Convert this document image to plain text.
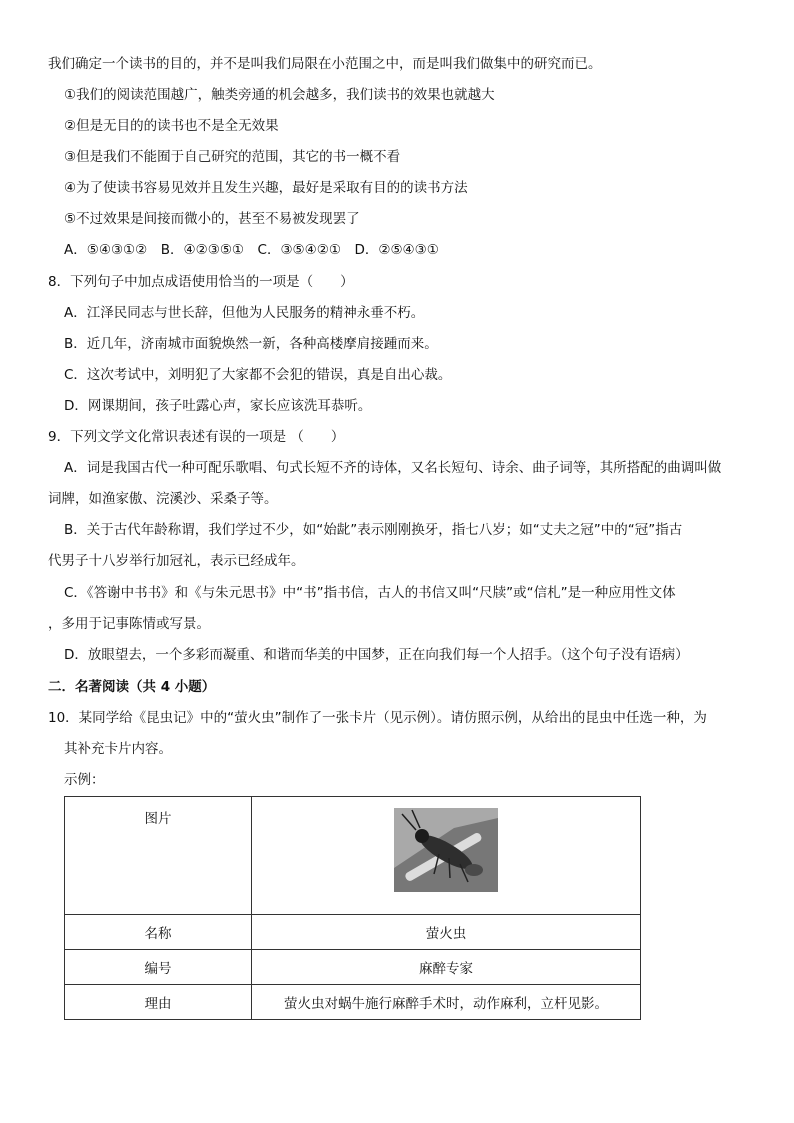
我们确定一个读书的目的，并不是叫我们局限在小范围之中，而是叫我们做集中的研究而已。
①我们的阅读范围越广，触类旁通的机会越多，我们读书的效果也就越大
②但是无目的的读书也不是全无效果
③但是我们不能囿于自己研究的范围，其它的书一概不看
④为了使读书容易见效并且发生兴趣，最好是采取有目的的读书方法
⑤不过效果是间接而微小的，甚至不易被发现罢了
A．⑤④③①②　B．④②③⑤①　C．③⑤④②①　D．②⑤④③①
8．下列句子中加点成语使用恰当的一项是（　　）
A．江泽民同志与世长辞，但他为人民服务的精神永垂不朽。
B．近几年，济南城市面貌焕然一新，各种高楼摩肩接踵而来。
C．这次考试中，刘明犯了大家都不会犯的错误，真是自出心裁。
D．网课期间，孩子吐露心声，家长应该洗耳恭听。
9．下列文学文化常识表述有误的一项是 （　　）
A．词是我国古代一种可配乐歌唱、句式长短不齐的诗体，又名长短句、诗余、曲子词等，其所搭配的曲调叫做
词牌，如渔家傲、浣溪沙、采桑子等。
B．关于古代年龄称谓，我们学过不少，如“始龀”表示刚刚换牙，指七八岁；如“丈夫之冠”中的“冠”指古
代男子十八岁举行加冠礼，表示已经成年。
C．《答谢中书书》和《与朱元思书》中“书”指书信，古人的书信又叫“尺牍”或“信札”是一种应用性文体
，多用于记事陈情或写景。
D．放眼望去，一个多彩而凝重、和谐而华美的中国梦，正在向我们每一个人招手。（这个句子没有语病）
二．名著阅读（共 4 小题）
10．某同学给《昆虫记》中的“萤火虫”制作了一张卡片（见示例）。请仿照示例，从给出的昆虫中任选一种，为
其补充卡片内容。
示例：
图片	

名称	萤火虫
编号	麻醉专家
理由	萤火虫对蜗牛施行麻醉手术时，动作麻利，立杆见影。
